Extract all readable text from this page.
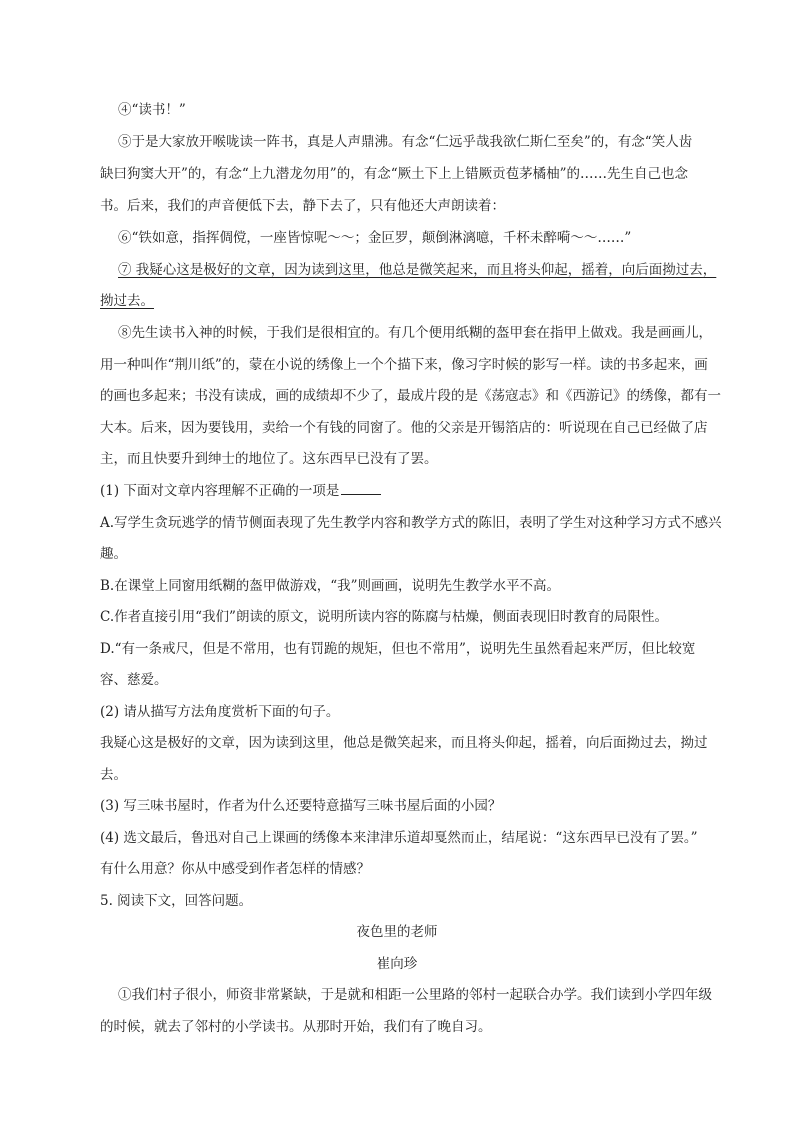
④“读书！”
⑤于是大家放开喉咙读一阵书，真是人声鼎沸。有念“仁远乎哉我欲仁斯仁至矣”的，有念“笑人齿
缺曰狗窦大开”的，有念“上九潜龙勿用”的，有念“厥土下上上错厥贡苞茅橘柚”的……先生自己也念
书。后来，我们的声音便低下去，静下去了，只有他还大声朗读着：
⑥“铁如意，指挥倜傥，一座皆惊呢～～；金叵罗，颠倒淋漓噫，千杯未醉嗬～～……”
⑦ 我疑心这是极好的文章，因为读到这里，他总是微笑起来，而且将头仰起，摇着，向后面拗过去，
拗过去。
⑧先生读书入神的时候，于我们是很相宜的。有几个便用纸糊的盔甲套在指甲上做戏。我是画画儿，
用一种叫作“荆川纸”的，蒙在小说的绣像上一个个描下来，像习字时候的影写一样。读的书多起来，画
的画也多起来；书没有读成，画的成绩却不少了，最成片段的是《荡寇志》和《西游记》的绣像，都有一
大本。后来，因为要钱用，卖给一个有钱的同窗了。他的父亲是开锡箔店的：听说现在自己已经做了店
主，而且快要升到绅士的地位了。这东西早已没有了罢。
(1) 下面对文章内容理解不正确的一项是
A.写学生贪玩逃学的情节侧面表现了先生教学内容和教学方式的陈旧，表明了学生对这种学习方式不感兴
趣。
B.在课堂上同窗用纸糊的盔甲做游戏，“我”则画画，说明先生教学水平不高。
C.作者直接引用“我们”朗读的原文，说明所读内容的陈腐与枯燥，侧面表现旧时教育的局限性。
D.“有一条戒尺，但是不常用，也有罚跪的规矩，但也不常用”，说明先生虽然看起来严厉，但比较宽
容、慈爱。
(2) 请从描写方法角度赏析下面的句子。
我疑心这是极好的文章，因为读到这里，他总是微笑起来，而且将头仰起，摇着，向后面拗过去，拗过
去。
(3) 写三味书屋时，作者为什么还要特意描写三味书屋后面的小园？
(4) 选文最后，鲁迅对自己上课画的绣像本来津津乐道却戛然而止，结尾说：“这东西早已没有了罢。”
有什么用意？你从中感受到作者怎样的情感？
5. 阅读下文，回答问题。
夜色里的老师
崔向珍
①我们村子很小，师资非常紧缺，于是就和相距一公里路的邻村一起联合办学。我们读到小学四年级
的时候，就去了邻村的小学读书。从那时开始，我们有了晚自习。
